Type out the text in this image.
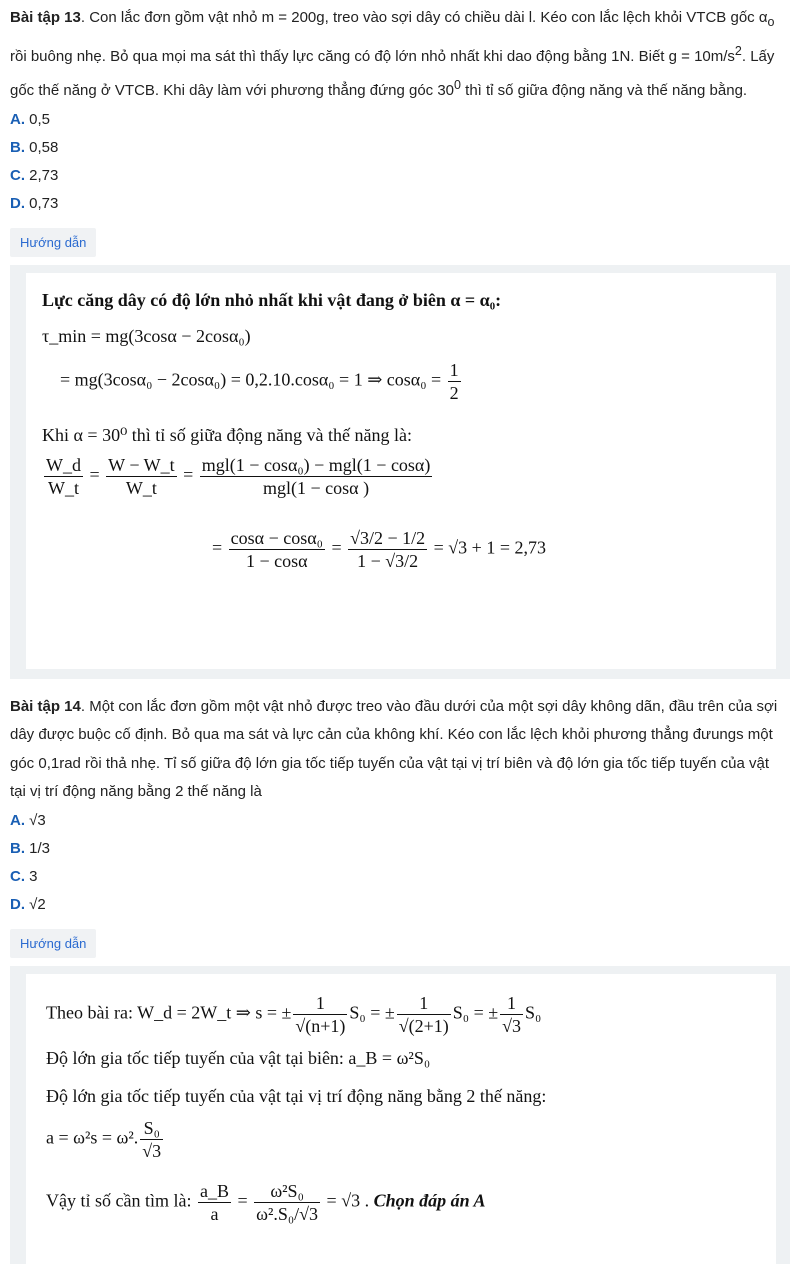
Bài tập 13. Con lắc đơn gồm vật nhỏ m = 200g, treo vào sợi dây có chiều dài l. Kéo con lắc lệch khỏi VTCB gốc $\alpha_o$
rồi buông nhẹ. Bỏ qua mọi ma sát thì thấy lực căng có độ lớn nhỏ nhất khi dao động bằng 1N. Biết $g = 10m/s^2$. Lấy
gốc thế năng ở VTCB. Khi dây làm với phương thẳng đứng góc $30^0$ thì tỉ số giữa động năng và thế năng bằng.

A. 0,5

B. 0,58

C. 2,73

D. 0,73

Hướng dẫn
Lực căng dây có độ lớn nhỏ nhất khi vật đang ở biên α = α₀:
τ_min = mg(3cosα − 2cosα₀)
= mg(3cosα₀ − 2cosα₀) = 0,2.10.cosα₀ = 1 ⇒ $\cos\alpha_0 = \frac{1}{2}$
Khi α = 30⁰ thì tỉ số giữa động năng và thế năng là:
$\frac{W\_d}{W\_t} = \frac{W - W\_t}{W\_t} = \frac{\text{mgl(1 − cosα₀) − mgl(1 − cosα)}}{\text{mgl(1 − cosα )}}$
= $\frac{\text{cosα − cosα₀}}{1 - \cos\alpha} = \frac{√3/2 - 1/2}{1 - √3/2} = √3 + 1 = 2,73$

Bài tập 14. Một con lắc đơn gồm một vật nhỏ được treo vào đầu dưới của một sợi dây không dãn, đầu trên của sợi
dây được buộc cố định. Bỏ qua ma sát và lực cản của không khí. Kéo con lắc lệch khỏi phương thẳng đưungs một
góc 0,1rad rồi thả nhẹ. Tỉ số giữa độ lớn gia tốc tiếp tuyến của vật tại vị trí biên và độ lớn gia tốc tiếp tuyến của vật
tại vị trí động năng bằng 2 thế năng là

A. √3

B. 1/3

C. 3

D. √2

Hướng dẫn
Theo bài ra: W_d = 2W_t ⇒ s = ± $\frac{1}{√(n+1)} S_0$ = ± $\frac{1}{√(2+1)} S_0$ = ± $\frac{1}{√3} S_0$
Độ lớn gia tốc tiếp tuyến của vật tại biên: a_B = ω²S₀
Độ lớn gia tốc tiếp tuyến của vật tại vị trí động năng bằng 2 thế năng:
a = ω²s = ω². $\frac{\text{S₀}}{√3}$
Vậy tỉ số cần tìm là: $\frac{a\_B}{a} = \frac{\text{ω²S₀}}{\text{ω².S₀/√3}} = √3$ . Chọn đáp án A
